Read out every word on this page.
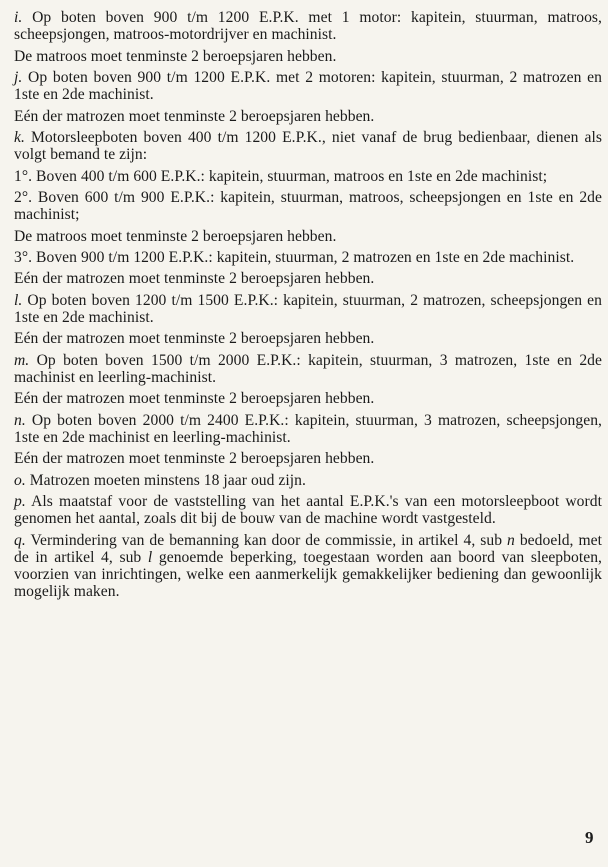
i. Op boten boven 900 t/m 1200 E.P.K. met 1 motor: kapitein, stuurman, matroos, scheepsjongen, matroos-motordrijver en machinist.

De matroos moet tenminste 2 beroepsjaren hebben.

j. Op boten boven 900 t/m 1200 E.P.K. met 2 motoren: kapitein, stuurman, 2 matrozen en 1ste en 2de machinist.

Eén der matrozen moet tenminste 2 beroepsjaren hebben.

k. Motorsleepboten boven 400 t/m 1200 E.P.K., niet vanaf de brug bedienbaar, dienen als volgt bemand te zijn:

1°. Boven 400 t/m 600 E.P.K.: kapitein, stuurman, matroos en 1ste en 2de machinist;

2°. Boven 600 t/m 900 E.P.K.: kapitein, stuurman, matroos, scheepsjongen en 1ste en 2de machinist;

De matroos moet tenminste 2 beroepsjaren hebben.

3°. Boven 900 t/m 1200 E.P.K.: kapitein, stuurman, 2 matrozen en 1ste en 2de machinist.

Eén der matrozen moet tenminste 2 beroepsjaren hebben.

l. Op boten boven 1200 t/m 1500 E.P.K.: kapitein, stuurman, 2 matrozen, scheepsjongen en 1ste en 2de machinist.

Eén der matrozen moet tenminste 2 beroepsjaren hebben.

m. Op boten boven 1500 t/m 2000 E.P.K.: kapitein, stuurman, 3 matrozen, 1ste en 2de machinist en leerling-machinist.

Eén der matrozen moet tenminste 2 beroepsjaren hebben.

n. Op boten boven 2000 t/m 2400 E.P.K.: kapitein, stuurman, 3 matrozen, scheepsjongen, 1ste en 2de machinist en leerling-machinist.

Eén der matrozen moet tenminste 2 beroepsjaren hebben.

o. Matrozen moeten minstens 18 jaar oud zijn.

p. Als maatstaf voor de vaststelling van het aantal E.P.K.'s van een motorsleepboot wordt genomen het aantal, zoals dit bij de bouw van de machine wordt vastgesteld.

q. Vermindering van de bemanning kan door de commissie, in artikel 4, sub n bedoeld, met de in artikel 4, sub l genoemde beperking, toegestaan worden aan boord van sleepboten, voorzien van inrichtingen, welke een aanmerkelijk gemakkelijker bediening dan gewoonlijk mogelijk maken.

9
